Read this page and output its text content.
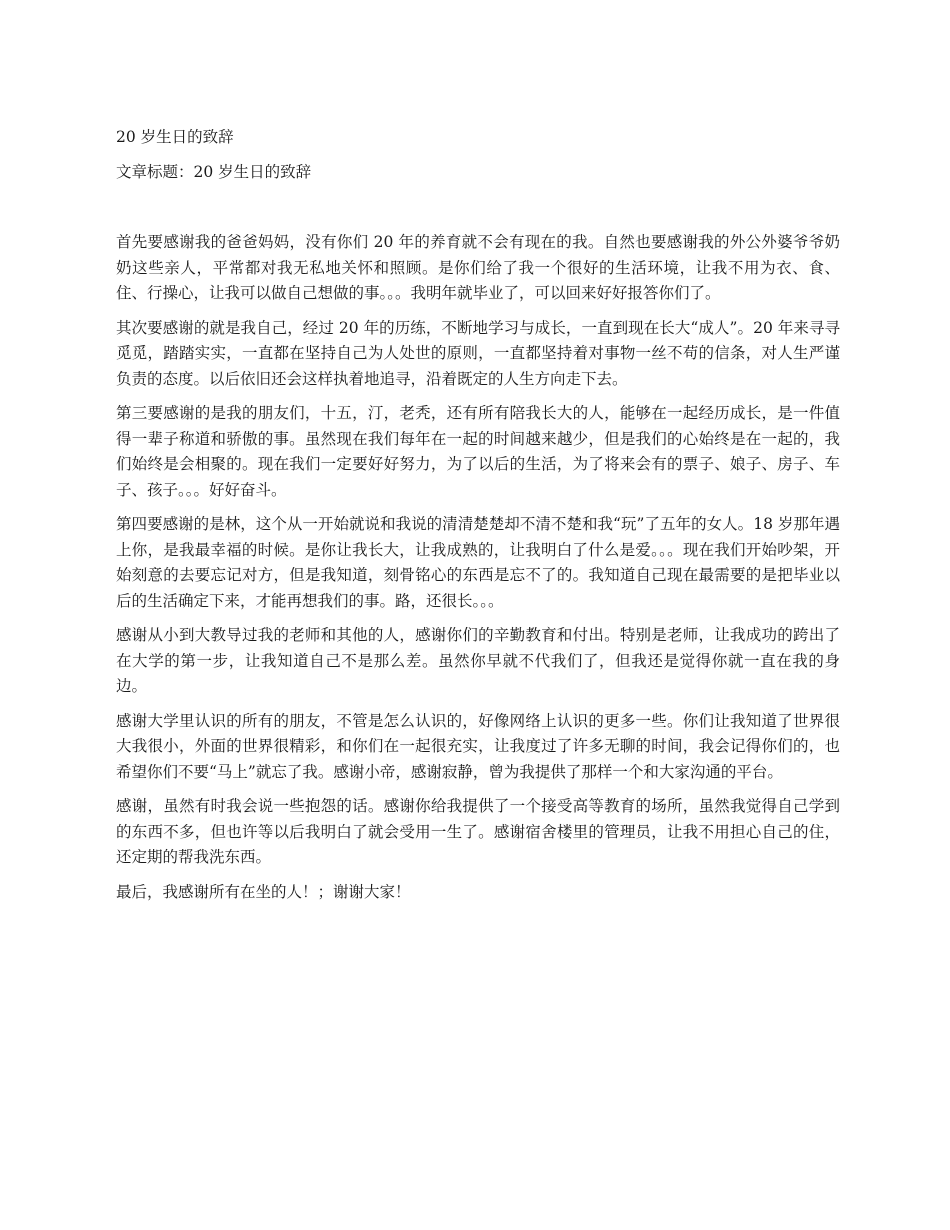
20 岁生日的致辞
文章标题：20 岁生日的致辞

首先要感谢我的爸爸妈妈，没有你们 20 年的养育就不会有现在的我。自然也要感谢我的外公外婆爷爷奶奶这些亲人，平常都对我无私地关怀和照顾。是你们给了我一个很好的生活环境，让我不用为衣、食、住、行操心，让我可以做自己想做的事。。。我明年就毕业了，可以回来好好报答你们了。

其次要感谢的就是我自己，经过 20 年的历练，不断地学习与成长，一直到现在长大“成人”。20 年来寻寻觅觅，踏踏实实，一直都在坚持自己为人处世的原则，一直都坚持着对事物一丝不苟的信条，对人生严谨负责的态度。以后依旧还会这样执着地追寻，沿着既定的人生方向走下去。

第三要感谢的是我的朋友们，十五，汀，老秃，还有所有陪我长大的人，能够在一起经历成长，是一件值得一辈子称道和骄傲的事。虽然现在我们每年在一起的时间越来越少，但是我们的心始终是在一起的，我们始终是会相聚的。现在我们一定要好好努力，为了以后的生活，为了将来会有的票子、娘子、房子、车子、孩子。。。好好奋斗。

第四要感谢的是林，这个从一开始就说和我说的清清楚楚却不清不楚和我“玩”了五年的女人。18 岁那年遇上你，是我最幸福的时候。是你让我长大，让我成熟的，让我明白了什么是爱。。。现在我们开始吵架，开始刻意的去要忘记对方，但是我知道，刻骨铭心的东西是忘不了的。我知道自己现在最需要的是把毕业以后的生活确定下来，才能再想我们的事。路，还很长。。。

感谢从小到大教导过我的老师和其他的人，感谢你们的辛勤教育和付出。特别是老师，让我成功的跨出了在大学的第一步，让我知道自己不是那么差。虽然你早就不代我们了，但我还是觉得你就一直在我的身边。

感谢大学里认识的所有的朋友，不管是怎么认识的，好像网络上认识的更多一些。你们让我知道了世界很大我很小，外面的世界很精彩，和你们在一起很充实，让我度过了许多无聊的时间，我会记得你们的，也希望你们不要“马上”就忘了我。感谢小帝，感谢寂静，曾为我提供了那样一个和大家沟通的平台。

感谢，虽然有时我会说一些抱怨的话。感谢你给我提供了一个接受高等教育的场所，虽然我觉得自己学到的东西不多，但也许等以后我明白了就会受用一生了。感谢宿舍楼里的管理员，让我不用担心自己的住，还定期的帮我洗东西。

最后，我感谢所有在坐的人！；谢谢大家！
